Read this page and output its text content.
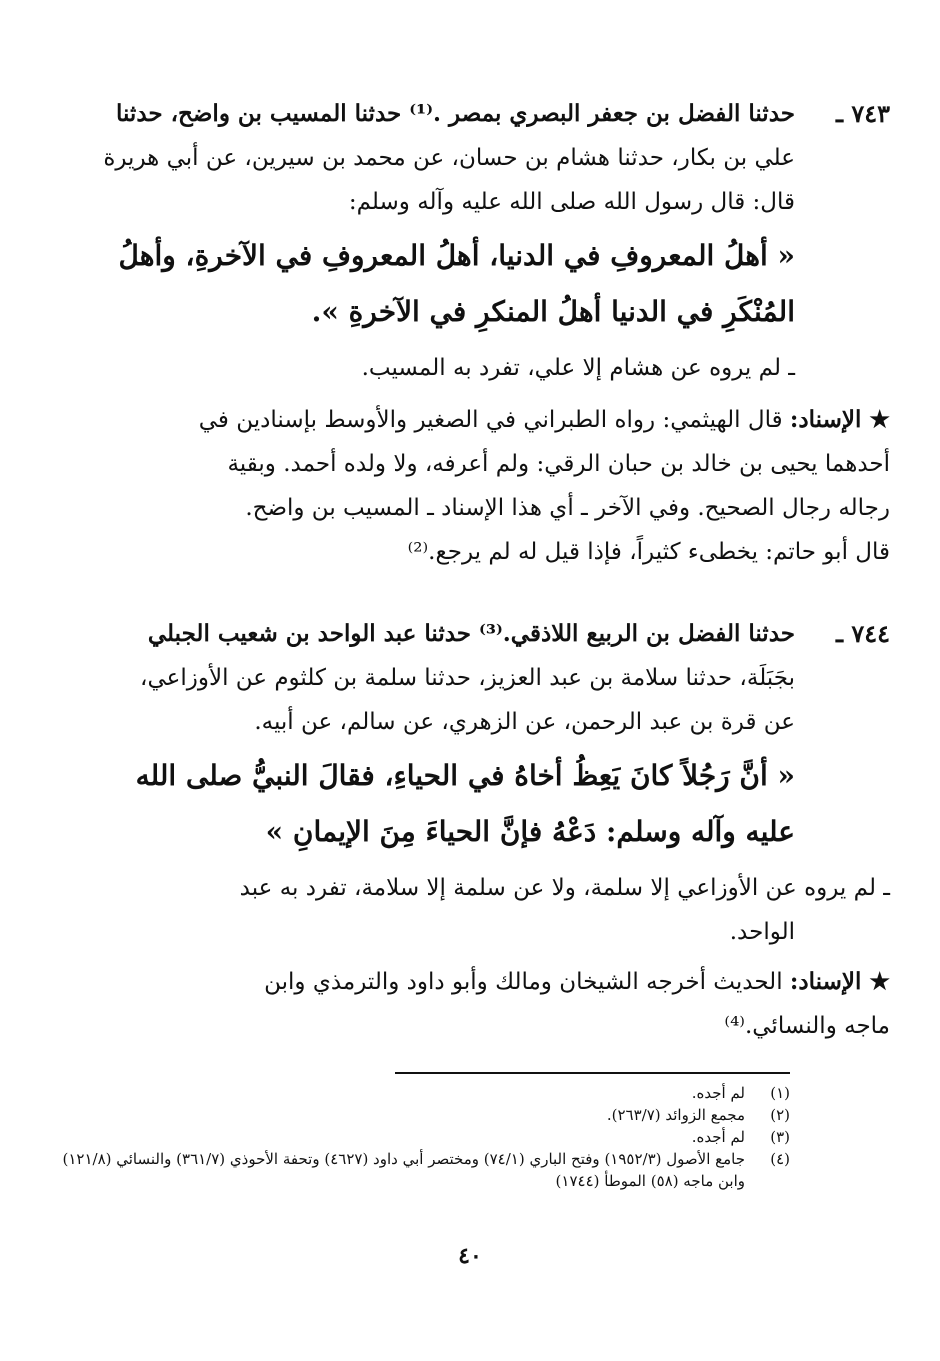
٧٤٣ ـ
حدثنا الفضل بن جعفر البصري بمصر .⁽¹⁾ حدثنا المسيب بن واضح، حدثنا
علي بن بكار، حدثنا هشام بن حسان، عن محمد بن سيرين، عن أبي هريرة
قال: قال رسول الله صلى الله عليه وآله وسلم:
« أهلُ المعروفِ في الدنيا، أهلُ المعروفِ في الآخرةِ، وأهلُ
المُنْكَرِ في الدنيا أهلُ المنكرِ في الآخرةِ ».
ـ لم يروه عن هشام إلا علي، تفرد به المسيب.
★ الإسناد: قال الهيثمي: رواه الطبراني في الصغير والأوسط بإسنادين في
أحدهما يحيى بن خالد بن حبان الرقي: ولم أعرفه، ولا ولده أحمد. وبقية
رجاله رجال الصحيح. وفي الآخر ـ أي هذا الإسناد ـ المسيب بن واضح.
قال أبو حاتم: يخطىء كثيراً، فإذا قيل له لم يرجع.⁽²⁾
٧٤٤ ـ
حدثنا الفضل بن الربيع اللاذقي.⁽³⁾ حدثنا عبد الواحد بن شعيب الجبلي
بجَبَلَة، حدثنا سلامة بن عبد العزيز، حدثنا سلمة بن كلثوم عن الأوزاعي،
عن قرة بن عبد الرحمن، عن الزهري، عن سالم، عن أبيه.
« أنَّ رَجُلاً كانَ يَعِظُ أخاهُ في الحياءِ، فقالَ النبيُّ صلى الله
عليه وآله وسلم: دَعْهُ فإنَّ الحياءَ مِنَ الإيمانِ »
ـ لم يروه عن الأوزاعي إلا سلمة، ولا عن سلمة إلا سلامة، تفرد به عبد
الواحد.
★ الإسناد: الحديث أخرجه الشيخان ومالك وأبو داود والترمذي وابن
ماجه والنسائي.⁽⁴⁾
(١)
لم أجده.
(٢)
مجمع الزوائد (٢٦٣/٧).
(٣)
لم أجده.
(٤)
جامع الأصول (١٩٥٢/٣) وفتح الباري (٧٤/١) ومختصر أبي داود (٤٦٢٧) وتحفة الأحوذي (٣٦١/٧) والنسائي (١٢١/٨) وابن ماجه (٥٨) الموطأ (١٧٤٤)
٤٠
